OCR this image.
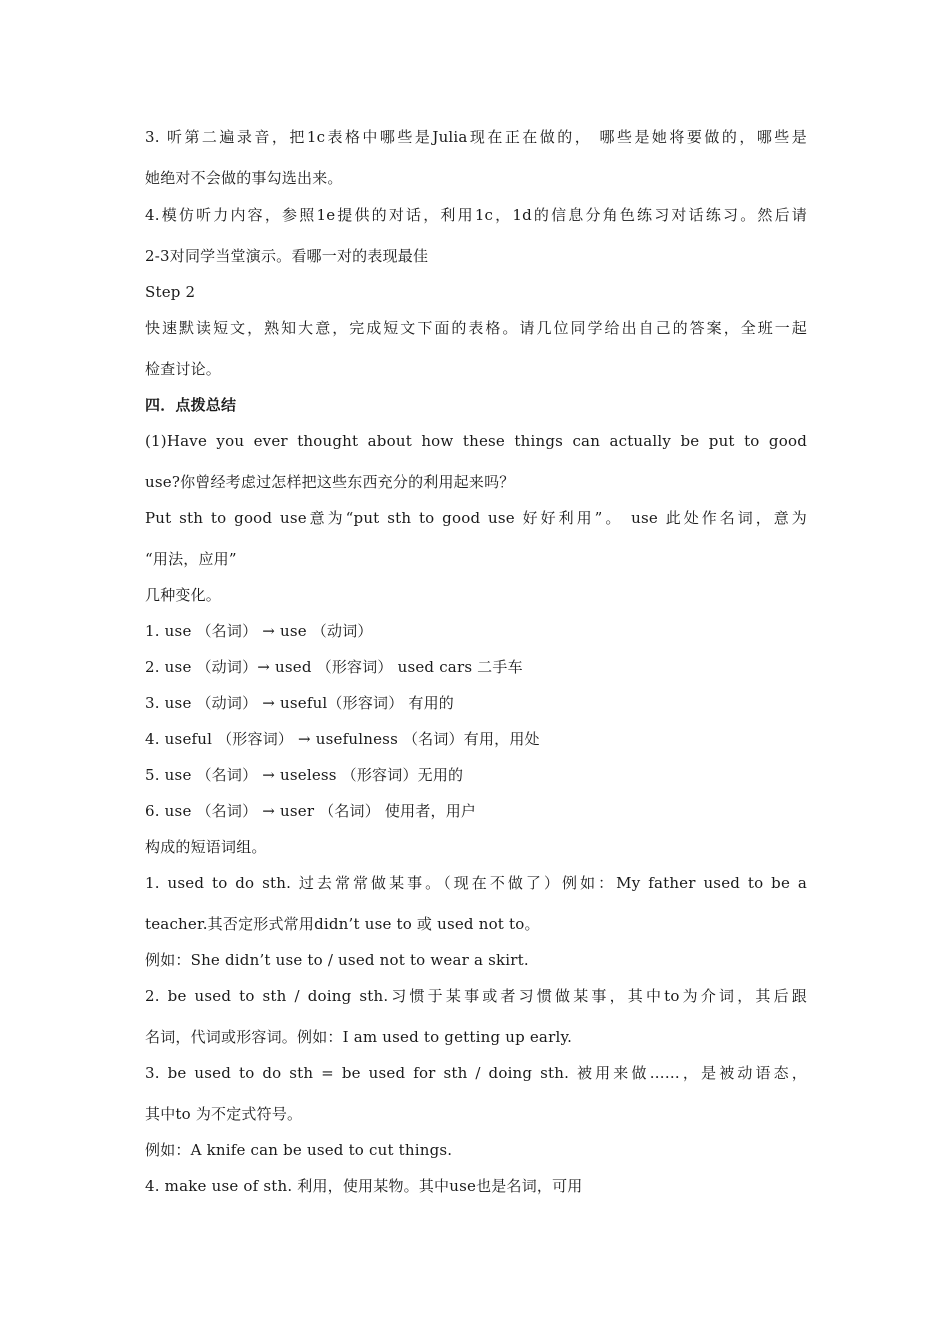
3. 听第二遍录音，把1c表格中哪些是Julia现在正在做的， 哪些是她将要做的，哪些是
她绝对不会做的事勾选出来。
4.模仿听力内容，参照1e提供的对话，利用1c，1d的信息分角色练习对话练习。然后请
2-3对同学当堂演示。看哪一对的表现最佳
Step 2
快速默读短文，熟知大意，完成短文下面的表格。请几位同学给出自己的答案，全班一起
检查讨论。
四．点拨总结
(1)Have you ever thought about how these things can actually be put to good
use?你曾经考虑过怎样把这些东西充分的利用起来吗？
Put sth to good use意为“put sth to good use 好好利用”。 use 此处作名词，意为
“用法，应用”
几种变化。
1. use （名词） → use （动词）
2. use （动词）→ used （形容词） used cars 二手车
3. use （动词） → useful（形容词） 有用的
4. useful （形容词） → usefulness （名词）有用，用处
5. use （名词） → useless （形容词）无用的
6. use （名词） → user （名词） 使用者，用户
构成的短语词组。
1. used to do sth. 过去常常做某事。（现在不做了）例如：My father used to be a
teacher.其否定形式常用didn’t use to 或 used not to。
例如：She didn’t use to / used not to wear a skirt.
2. be used to sth / doing sth.习惯于某事或者习惯做某事，其中to为介词，其后跟
名词，代词或形容词。例如：I am used to getting up early.
3. be used to do sth = be used for sth / doing sth. 被用来做……，是被动语态，
其中to 为不定式符号。
例如：A knife can be used to cut things.
4. make use of sth. 利用，使用某物。其中use也是名词，可用
